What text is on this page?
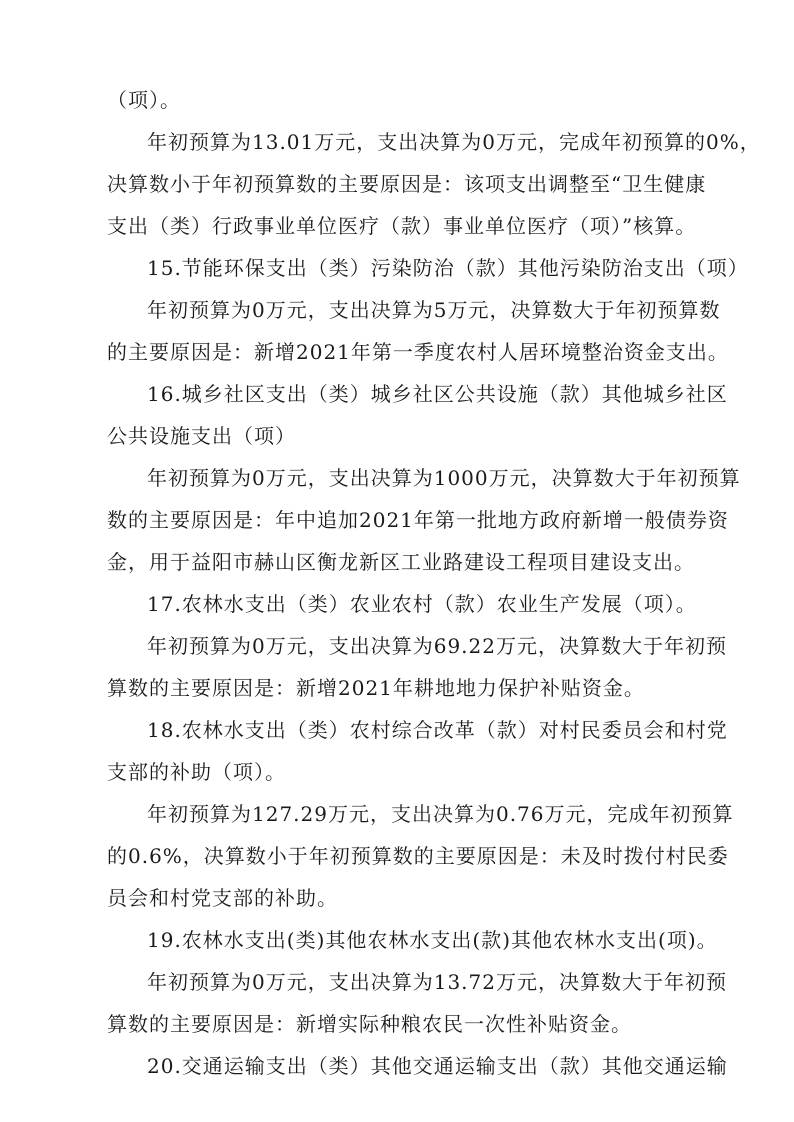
（项）。
年初预算为13.01万元，支出决算为0万元，完成年初预算的0%，
决算数小于年初预算数的主要原因是：该项支出调整至“卫生健康
支出（类）行政事业单位医疗（款）事业单位医疗（项）”核算。
15.节能环保支出（类）污染防治（款）其他污染防治支出（项）
年初预算为0万元，支出决算为5万元，决算数大于年初预算数
的主要原因是：新增2021年第一季度农村人居环境整治资金支出。
16.城乡社区支出（类）城乡社区公共设施（款）其他城乡社区
公共设施支出（项）
年初预算为0万元，支出决算为1000万元，决算数大于年初预算
数的主要原因是：年中追加2021年第一批地方政府新增一般债券资
金，用于益阳市赫山区衡龙新区工业路建设工程项目建设支出。
17.农林水支出（类）农业农村（款）农业生产发展（项）。
年初预算为0万元，支出决算为69.22万元，决算数大于年初预
算数的主要原因是：新增2021年耕地地力保护补贴资金。
18.农林水支出（类）农村综合改革（款）对村民委员会和村党
支部的补助（项）。
年初预算为127.29万元，支出决算为0.76万元，完成年初预算
的0.6%，决算数小于年初预算数的主要原因是：未及时拨付村民委
员会和村党支部的补助。
19.农林水支出(类)其他农林水支出(款)其他农林水支出(项)。
年初预算为0万元，支出决算为13.72万元，决算数大于年初预
算数的主要原因是：新增实际种粮农民一次性补贴资金。
20.交通运输支出（类）其他交通运输支出（款）其他交通运输
